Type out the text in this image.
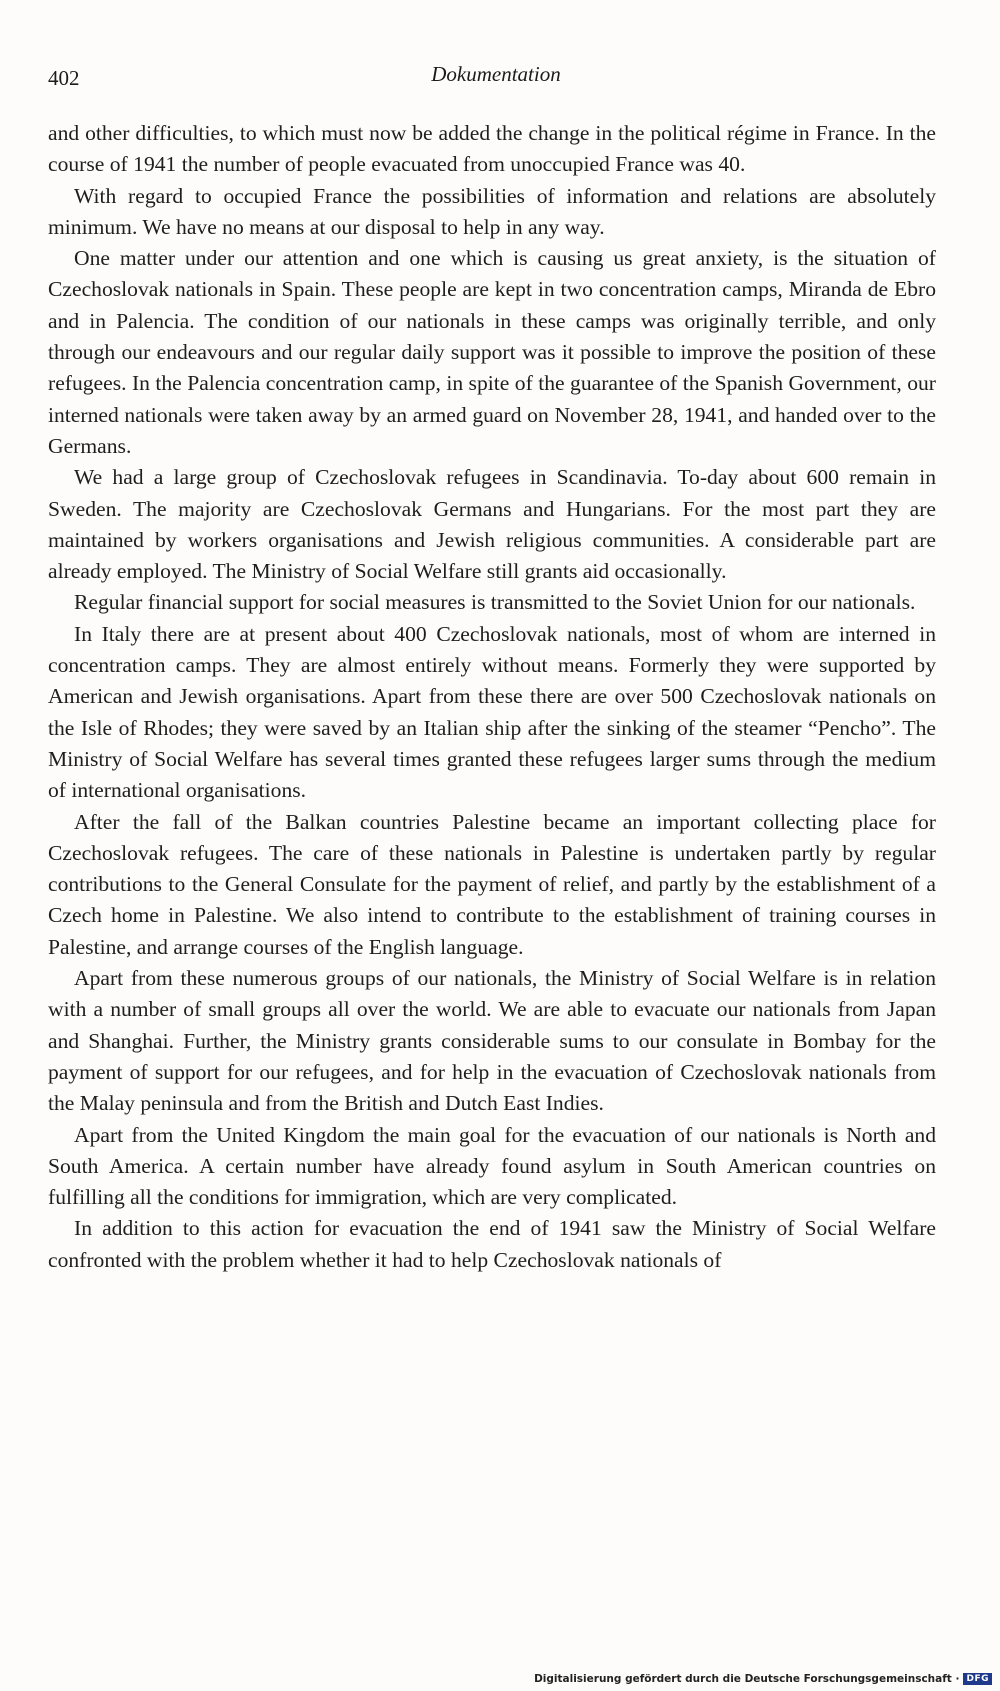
402	Dokumentation

and other difficulties, to which must now be added the change in the political régime in France. In the course of 1941 the number of people evacuated from unoccupied France was 40.

With regard to occupied France the possibilities of information and relations are absolutely minimum. We have no means at our disposal to help in any way.

One matter under our attention and one which is causing us great anxiety, is the situation of Czechoslovak nationals in Spain. These people are kept in two concentration camps, Miranda de Ebro and in Palencia. The condition of our nationals in these camps was originally terrible, and only through our endeavours and our regular daily support was it possible to improve the position of these refugees. In the Palencia concentration camp, in spite of the guarantee of the Spanish Government, our interned nationals were taken away by an armed guard on November 28, 1941, and handed over to the Germans.

We had a large group of Czechoslovak refugees in Scandinavia. To-day about 600 remain in Sweden. The majority are Czechoslovak Germans and Hungarians. For the most part they are maintained by workers organisations and Jewish religious communities. A considerable part are already employed. The Ministry of Social Welfare still grants aid occasionally.

Regular financial support for social measures is transmitted to the Soviet Union for our nationals.

In Italy there are at present about 400 Czechoslovak nationals, most of whom are interned in concentration camps. They are almost entirely without means. Formerly they were supported by American and Jewish organisations. Apart from these there are over 500 Czechoslovak nationals on the Isle of Rhodes; they were saved by an Italian ship after the sinking of the steamer “Pencho”. The Ministry of Social Welfare has several times granted these refugees larger sums through the medium of international organisations.

After the fall of the Balkan countries Palestine became an important collecting place for Czechoslovak refugees. The care of these nationals in Palestine is undertaken partly by regular contributions to the General Consulate for the payment of relief, and partly by the establishment of a Czech home in Palestine. We also intend to contribute to the establishment of training courses in Palestine, and arrange courses of the English language.

Apart from these numerous groups of our nationals, the Ministry of Social Welfare is in relation with a number of small groups all over the world. We are able to evacuate our nationals from Japan and Shanghai. Further, the Ministry grants considerable sums to our consulate in Bombay for the payment of support for our refugees, and for help in the evacuation of Czechoslovak nationals from the Malay peninsula and from the British and Dutch East Indies.

Apart from the United Kingdom the main goal for the evacuation of our nationals is North and South America. A certain number have already found asylum in South American countries on fulfilling all the conditions for immigration, which are very complicated.

In addition to this action for evacuation the end of 1941 saw the Ministry of Social Welfare confronted with the problem whether it had to help Czechoslovak nationals of

Digitalisierung gefördert durch die Deutsche Forschungsgemeinschaft · DFG
